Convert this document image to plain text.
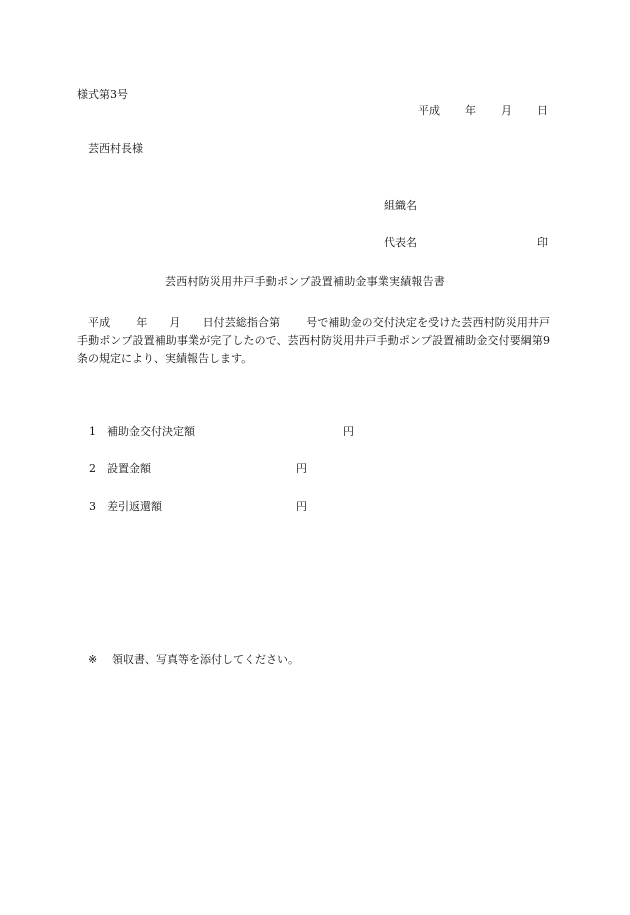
様式第3号
平成 年 月 日
芸西村長様
組織名
代表名	印
芸西村防災用井戸手動ポンプ設置補助金事業実績報告書

平成 年 月 日付芸総指合第 号で補助金の交付決定を受けた芸西村防災用井戸手動ポンプ設置補助事業が完了したので、芸西村防災用井戸手動ポンプ設置補助金交付要綱第9条の規定により、実績報告します。

1	補助金交付決定額	円
2	設置金額	円
3	差引返還額	円
※	領収書、写真等を添付してください。
